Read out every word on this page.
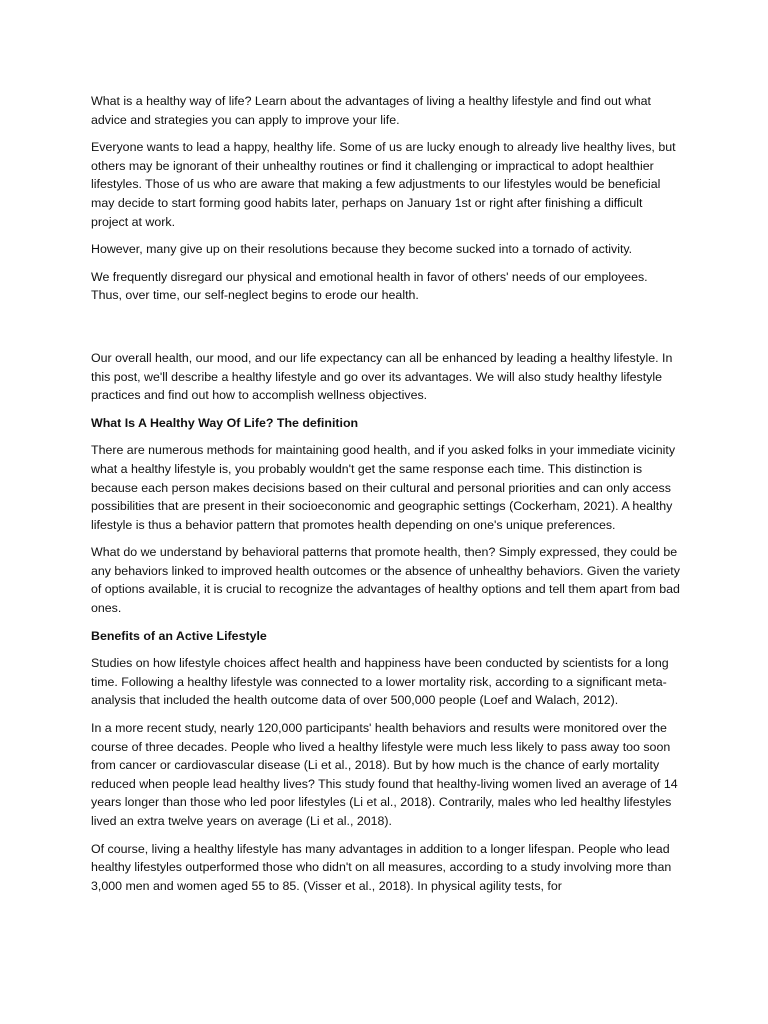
What is a healthy way of life? Learn about the advantages of living a healthy lifestyle and find out what advice and strategies you can apply to improve your life.

Everyone wants to lead a happy, healthy life. Some of us are lucky enough to already live healthy lives, but others may be ignorant of their unhealthy routines or find it challenging or impractical to adopt healthier lifestyles. Those of us who are aware that making a few adjustments to our lifestyles would be beneficial may decide to start forming good habits later, perhaps on January 1st or right after finishing a difficult project at work.

However, many give up on their resolutions because they become sucked into a tornado of activity.

We frequently disregard our physical and emotional health in favor of others' needs of our employees. Thus, over time, our self-neglect begins to erode our health.

Our overall health, our mood, and our life expectancy can all be enhanced by leading a healthy lifestyle. In this post, we'll describe a healthy lifestyle and go over its advantages. We will also study healthy lifestyle practices and find out how to accomplish wellness objectives.

What Is A Healthy Way Of Life? The definition

There are numerous methods for maintaining good health, and if you asked folks in your immediate vicinity what a healthy lifestyle is, you probably wouldn't get the same response each time. This distinction is because each person makes decisions based on their cultural and personal priorities and can only access possibilities that are present in their socioeconomic and geographic settings (Cockerham, 2021). A healthy lifestyle is thus a behavior pattern that promotes health depending on one's unique preferences.

What do we understand by behavioral patterns that promote health, then? Simply expressed, they could be any behaviors linked to improved health outcomes or the absence of unhealthy behaviors. Given the variety of options available, it is crucial to recognize the advantages of healthy options and tell them apart from bad ones.

Benefits of an Active Lifestyle

Studies on how lifestyle choices affect health and happiness have been conducted by scientists for a long time. Following a healthy lifestyle was connected to a lower mortality risk, according to a significant meta-analysis that included the health outcome data of over 500,000 people (Loef and Walach, 2012).

In a more recent study, nearly 120,000 participants' health behaviors and results were monitored over the course of three decades. People who lived a healthy lifestyle were much less likely to pass away too soon from cancer or cardiovascular disease (Li et al., 2018). But by how much is the chance of early mortality reduced when people lead healthy lives? This study found that healthy-living women lived an average of 14 years longer than those who led poor lifestyles (Li et al., 2018). Contrarily, males who led healthy lifestyles lived an extra twelve years on average (Li et al., 2018).

Of course, living a healthy lifestyle has many advantages in addition to a longer lifespan. People who lead healthy lifestyles outperformed those who didn't on all measures, according to a study involving more than 3,000 men and women aged 55 to 85. (Visser et al., 2018). In physical agility tests, for
